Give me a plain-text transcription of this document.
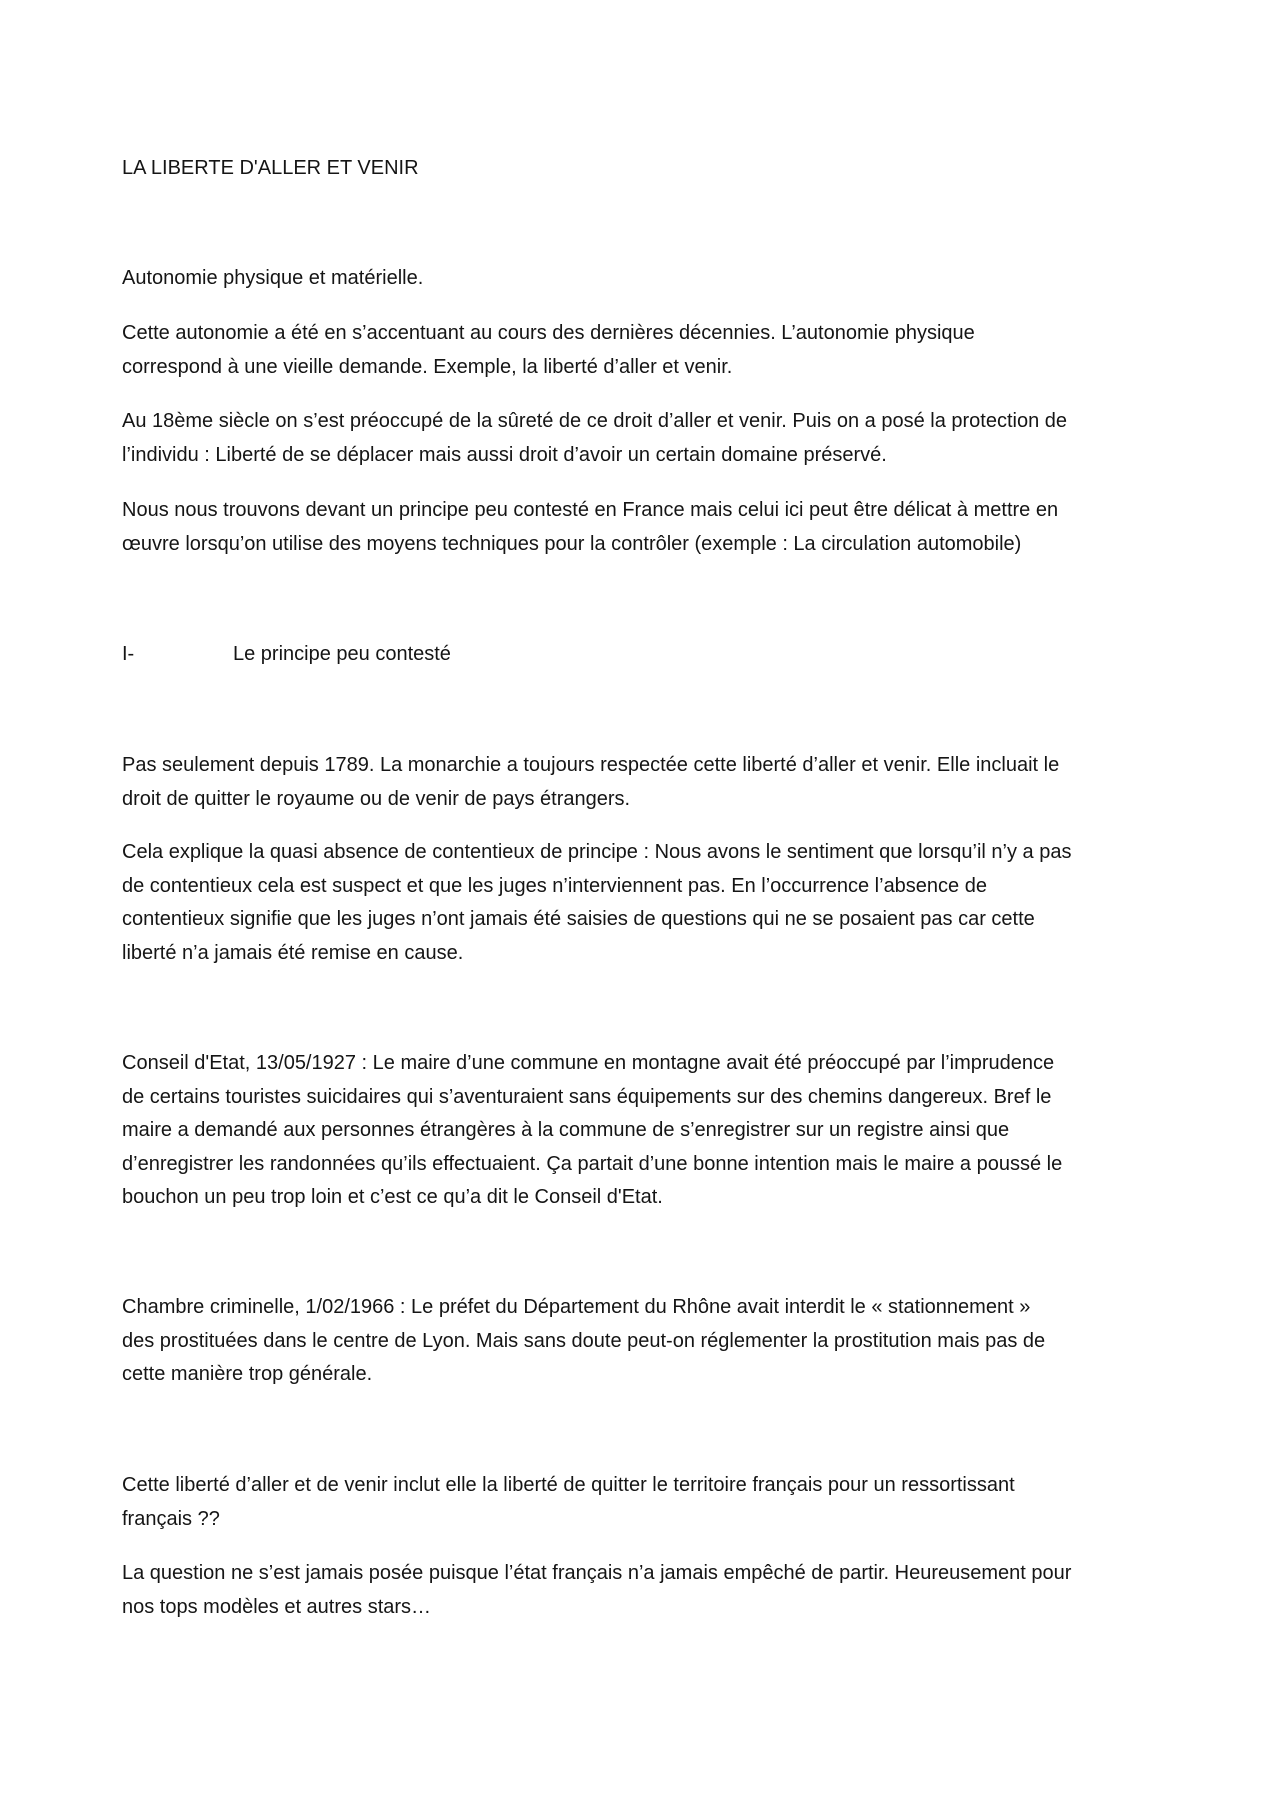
LA LIBERTE D'ALLER ET VENIR
Autonomie physique et matérielle.
Cette autonomie a été en s’accentuant au cours des dernières décennies. L’autonomie physique
correspond à une vieille demande. Exemple, la liberté d’aller et venir.
Au 18ème siècle on s’est préoccupé de la sûreté de ce droit d’aller et venir. Puis on a posé la protection de
l’individu : Liberté de se déplacer mais aussi droit d’avoir un certain domaine préservé.
Nous nous trouvons devant un principe peu contesté en France mais celui ici peut être délicat à mettre en
œuvre lorsqu’on utilise des moyens techniques pour la contrôler (exemple : La circulation automobile)
I-	Le principe peu contesté
Pas seulement depuis 1789. La monarchie a toujours respectée cette liberté d’aller et venir. Elle incluait le
droit de quitter le royaume ou de venir de pays étrangers.
Cela explique la quasi absence de contentieux de principe : Nous avons le sentiment que lorsqu’il n’y a pas
de contentieux cela est suspect et que les juges n’interviennent pas. En l’occurrence l’absence de
contentieux signifie que les juges n’ont jamais été saisies de questions qui ne se posaient pas car cette
liberté n’a jamais été remise en cause.
Conseil d'Etat, 13/05/1927 : Le maire d’une commune en montagne avait été préoccupé par l’imprudence
de certains touristes suicidaires qui s’aventuraient sans équipements sur des chemins dangereux. Bref le
maire a demandé aux personnes étrangères à la commune de s’enregistrer sur un registre ainsi que
d’enregistrer les randonnées qu’ils effectuaient. Ça partait d’une bonne intention mais le maire a poussé le
bouchon un peu trop loin et c’est ce qu’a dit le Conseil d'Etat.
Chambre criminelle, 1/02/1966 : Le préfet du Département du Rhône avait interdit le « stationnement »
des prostituées dans le centre de Lyon. Mais sans doute peut-on réglementer la prostitution mais pas de
cette manière trop générale.
Cette liberté d’aller et de venir inclut elle la liberté de quitter le territoire français pour un ressortissant
français ??
La question ne s’est jamais posée puisque l’état français n’a jamais empêché de partir. Heureusement pour
nos tops modèles et autres stars…
